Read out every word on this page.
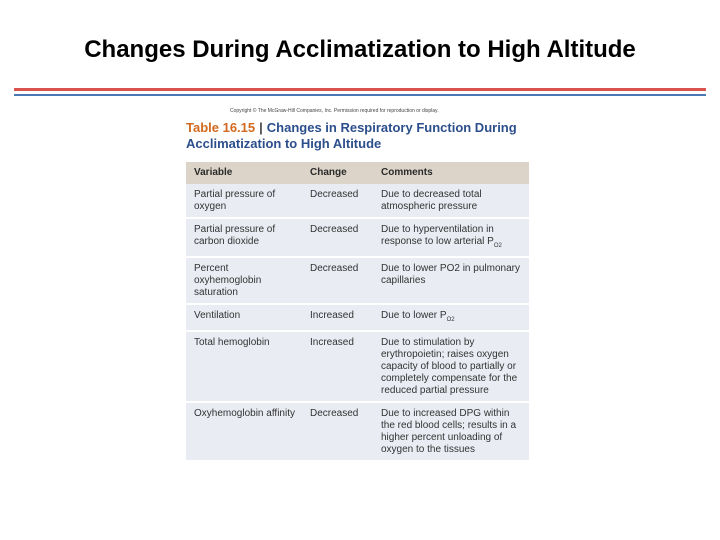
Changes During Acclimatization to High Altitude
Copyright © The McGraw-Hill Companies, Inc. Permission required for reproduction or display.
Table 16.15 | Changes in Respiratory Function During Acclimatization to High Altitude
Variable	Change	Comments
Partial pressure of oxygen	Decreased	Due to decreased total atmospheric pressure
Partial pressure of carbon dioxide	Decreased	Due to hyperventilation in response to low arterial $P_{O2}$
Percent oxyhemoglobin saturation	Decreased	Due to lower PO2 in pulmonary capillaries
Ventilation	Increased	Due to lower $P_{O2}$
Total hemoglobin	Increased	Due to stimulation by erythropoietin; raises oxygen capacity of blood to partially or completely compensate for the reduced partial pressure
Oxyhemoglobin affinity	Decreased	Due to increased DPG within the red blood cells; results in a higher percent unloading of oxygen to the tissues
